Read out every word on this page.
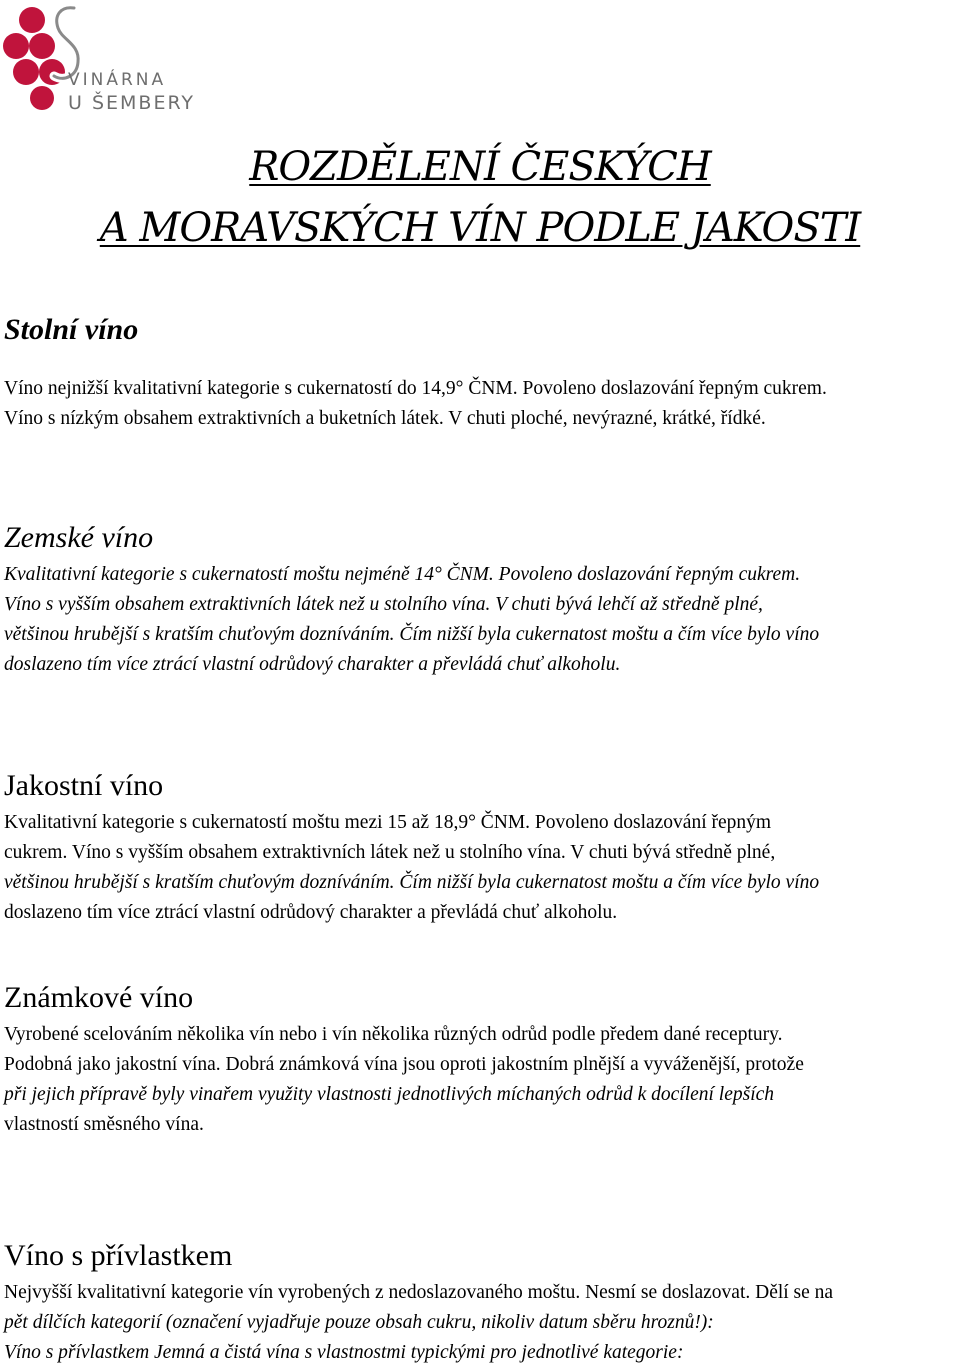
VINÁRNA
U ŠEMBERY
ROZDĚLENÍ ČESKÝCH
A MORAVSKÝCH VÍN PODLE JAKOSTI
Stolní víno

Víno nejnižší kvalitativní kategorie s cukernatostí do 14,9° ČNM. Povoleno doslazování řepným cukrem.

Víno s nízkým obsahem extraktivních a buketních látek. V chuti ploché, nevýrazné, krátké, řídké.

Zemské víno

Kvalitativní kategorie s cukernatostí moštu nejméně 14° ČNM. Povoleno doslazování řepným cukrem.

Víno s vyšším obsahem extraktivních látek než u stolního vína. V chuti bývá lehčí až středně plné,

většinou hrubější s kratším chuťovým dozníváním. Čím nižší byla cukernatost moštu a čím více bylo víno

doslazeno tím více ztrácí vlastní odrůdový charakter a převládá chuť alkoholu.

Jakostní víno

Kvalitativní kategorie s cukernatostí moštu mezi 15 až 18,9° ČNM. Povoleno doslazování řepným

cukrem. Víno s vyšším obsahem extraktivních látek než u stolního vína. V chuti bývá středně plné,

většinou hrubější s kratším chuťovým dozníváním. Čím nižší byla cukernatost moštu a čím více bylo víno

doslazeno tím více ztrácí vlastní odrůdový charakter a převládá chuť alkoholu.

Známkové víno

Vyrobené scelováním několika vín nebo i vín několika různých odrůd podle předem dané receptury.

Podobná jako jakostní vína. Dobrá známková vína jsou oproti jakostním plnější a vyváženější, protože

při jejich přípravě byly vinařem využity vlastnosti jednotlivých míchaných odrůd k docílení lepších

vlastností směsného vína.

Víno s přívlastkem

Nejvyšší kvalitativní kategorie vín vyrobených z nedoslazovaného moštu. Nesmí se doslazovat. Dělí se na

pět dílčích kategorií (označení vyjadřuje pouze obsah cukru, nikoliv datum sběru hroznů!):

Víno s přívlastkem Jemná a čistá vína s vlastnostmi typickými pro jednotlivé kategorie:
